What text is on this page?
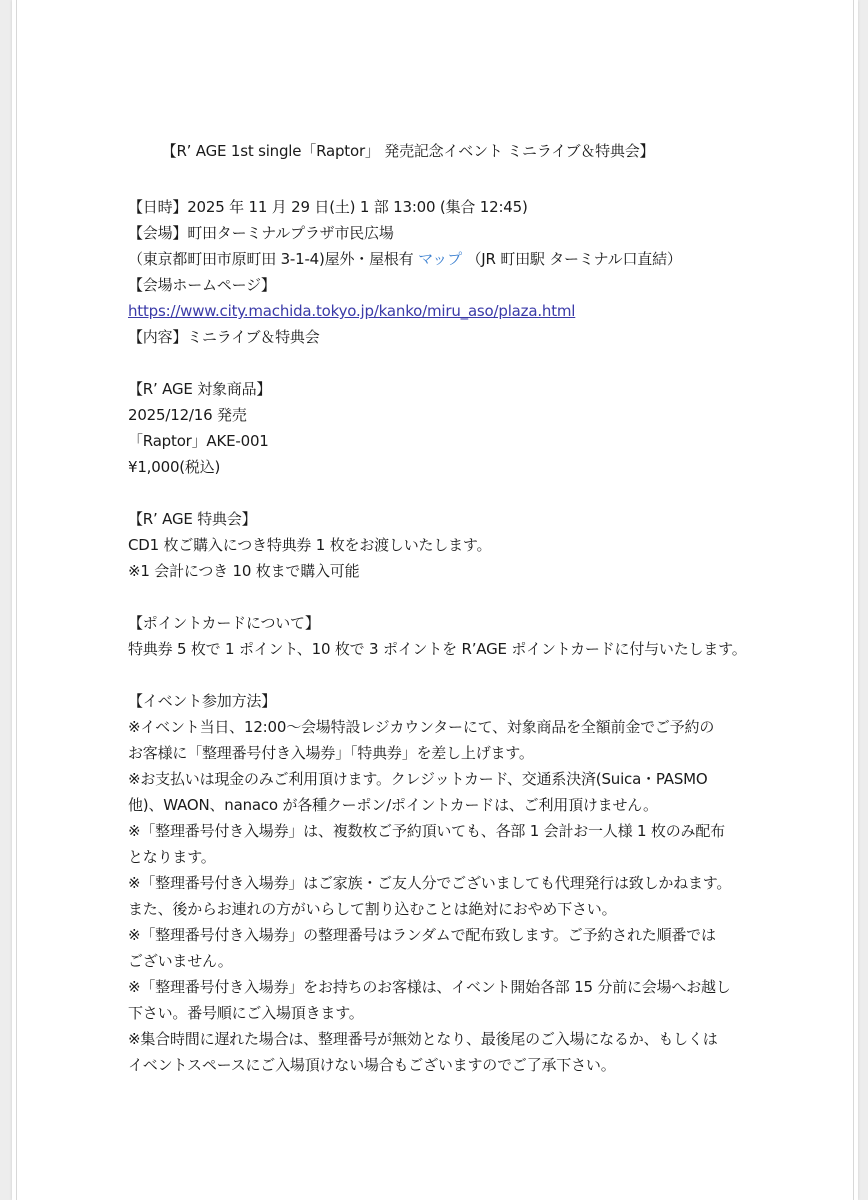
【R’ AGE 1st single「Raptor」 発売記念イベント ミニライブ＆特典会】
【日時】2025 年 11 月 29 日(土) 1 部 13:00 (集合 12:45)
【会場】町田ターミナルプラザ市民広場
（東京都町田市原町田 3-1-4)屋外・屋根有 マップ （JR 町田駅 ターミナル口直結）
【会場ホームページ】
https://www.city.machida.tokyo.jp/kanko/miru_aso/plaza.html
【内容】ミニライブ＆特典会
【R’ AGE 対象商品】
2025/12/16 発売
「Raptor」AKE-001
¥1,000(税込)
【R’ AGE 特典会】
CD1 枚ご購入につき特典券 1 枚をお渡しいたします。
※1 会計につき 10 枚まで購入可能
【ポイントカードについて】
特典券 5 枚で 1 ポイント、10 枚で 3 ポイントを R’AGE ポイントカードに付与いたします。
【イベント参加方法】
※イベント当日、12:00～会場特設レジカウンターにて、対象商品を全額前金でご予約の
お客様に「整理番号付き入場券」「特典券」を差し上げます。
※お支払いは現金のみご利用頂けます。クレジットカード、交通系決済(Suica・PASMO
他)、WAON、nanaco が各種クーポン/ポイントカードは、ご利用頂けません。
※「整理番号付き入場券」は、複数枚ご予約頂いても、各部 1 会計お一人様 1 枚のみ配布
となります。
※「整理番号付き入場券」はご家族・ご友人分でございましても代理発行は致しかねます。
また、後からお連れの方がいらして割り込むことは絶対におやめ下さい。
※「整理番号付き入場券」の整理番号はランダムで配布致します。ご予約された順番では
ございません。
※「整理番号付き入場券」をお持ちのお客様は、イベント開始各部 15 分前に会場へお越し
下さい。番号順にご入場頂きます。
※集合時間に遅れた場合は、整理番号が無効となり、最後尾のご入場になるか、もしくは
イベントスペースにご入場頂けない場合もございますのでご了承下さい。
